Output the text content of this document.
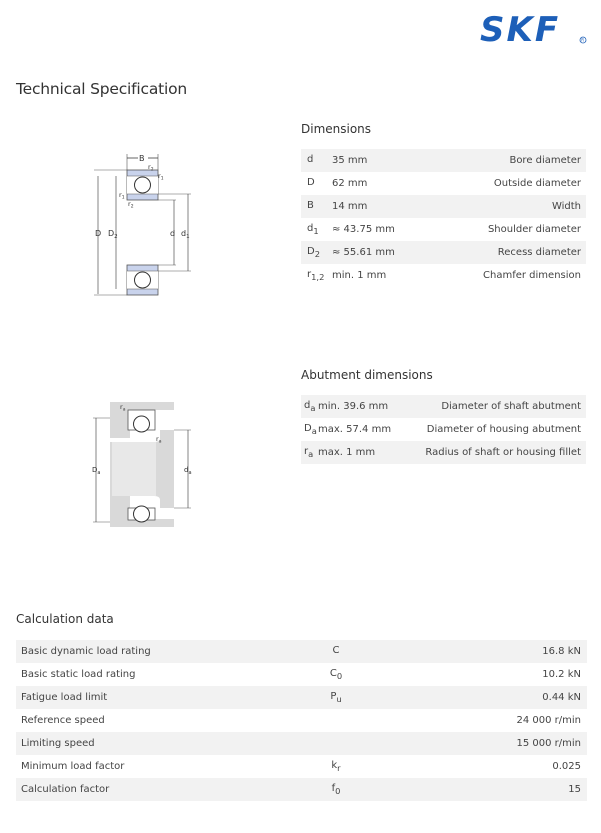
SKF	R
Technical Specification
B
$r_2$
$r_1$
$r_1$
$r_2$
D $D_2$	d $d_1$
Dimensions
d	35 mm	Bore diameter
D	62 mm	Outside diameter
B	14 mm	Width
$d_1$	≈ 43.75 mm	Shoulder diameter
$D_2$	≈ 55.61 mm	Recess diameter
$r_{1,2}$	min. 1 mm	Chamfer dimension
$r_a$
$r_a$
$D_a$	$d_a$
Abutment dimensions
$d_a$	min. 39.6 mm	Diameter of shaft abutment
$D_a$	max. 57.4 mm	Diameter of housing abutment
$r_a$	max. 1 mm	Radius of shaft or housing fillet
Calculation data
Basic dynamic load rating	C	16.8 kN
Basic static load rating	$C_0$	10.2 kN
Fatigue load limit	$P_u$	0.44 kN
Reference speed		24 000 r/min
Limiting speed		15 000 r/min
Minimum load factor	$k_r$	0.025
Calculation factor	$f_0$	15
